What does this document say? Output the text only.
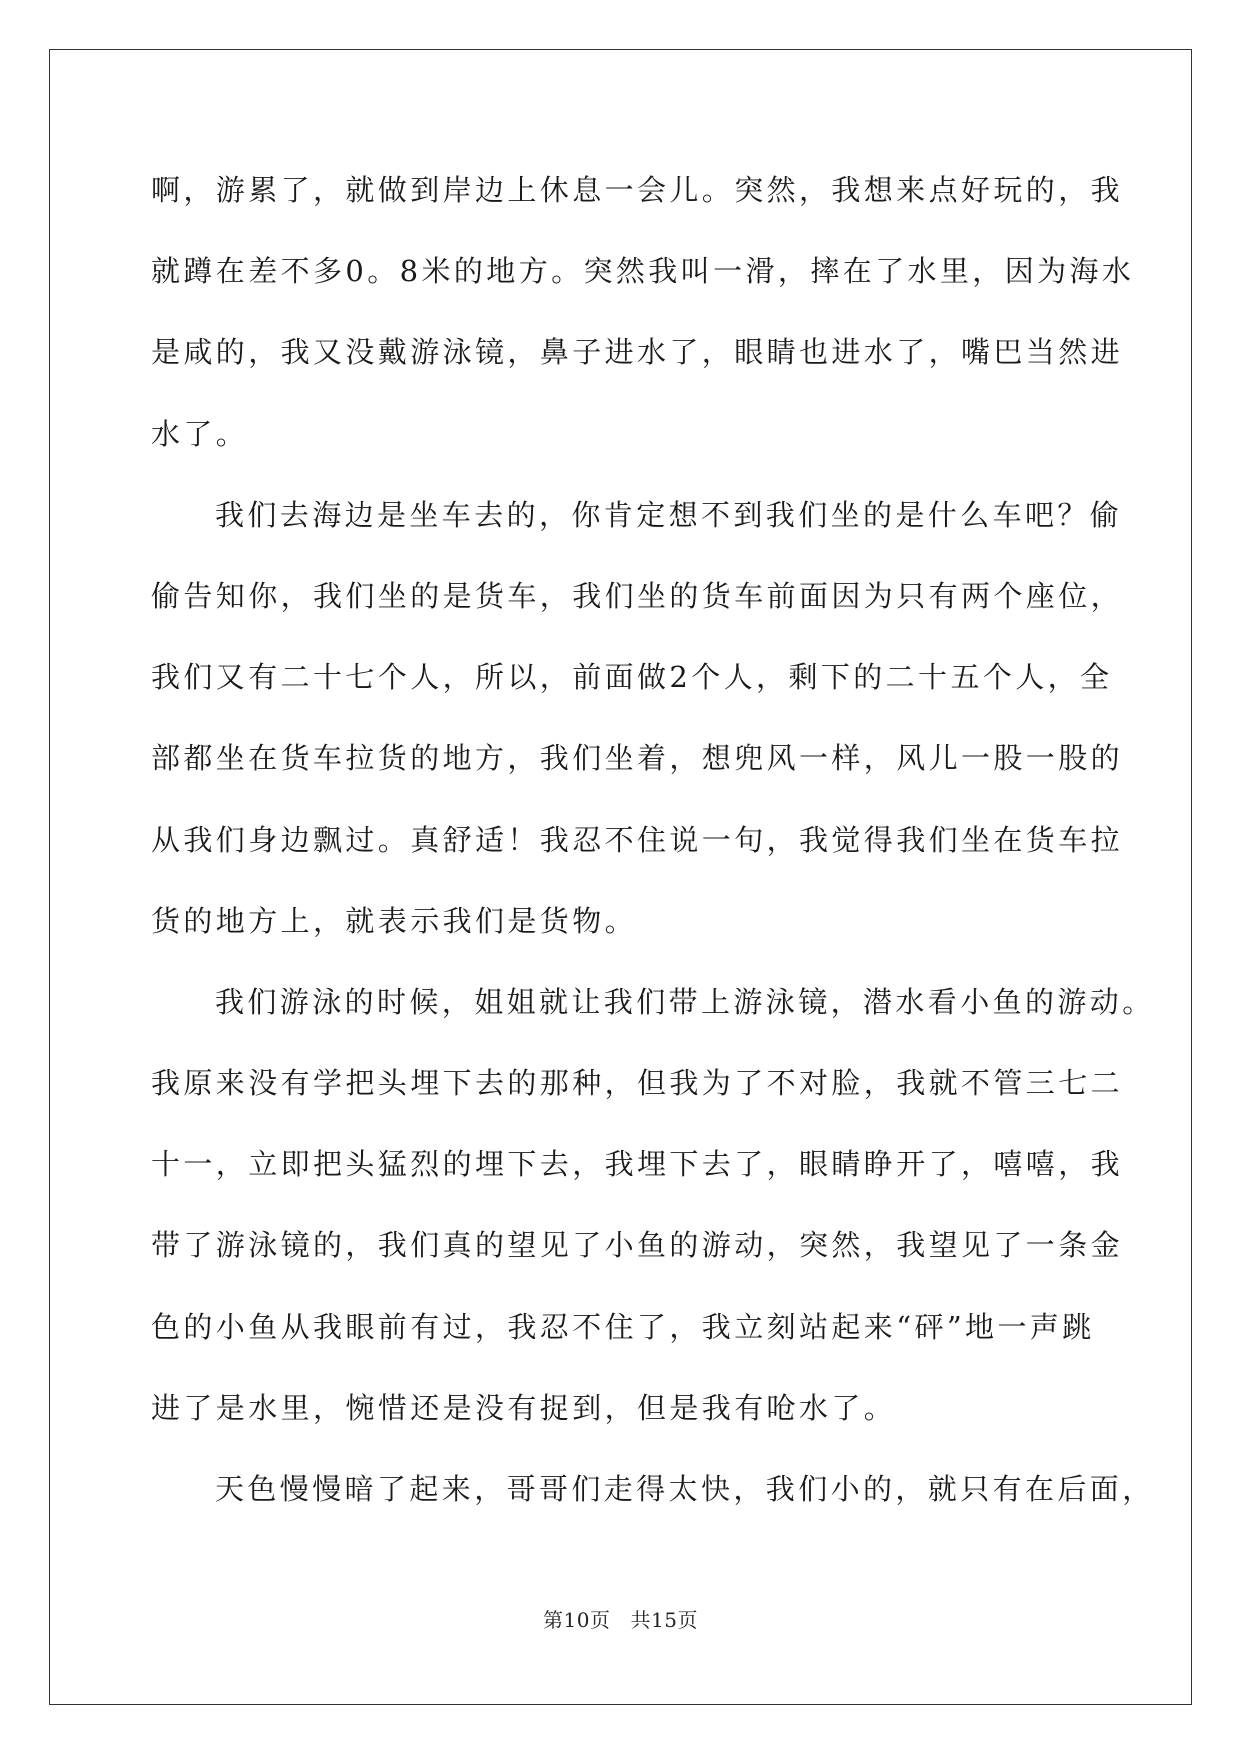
啊，游累了，就做到岸边上休息一会儿。突然，我想来点好玩的，我
就蹲在差不多0。8米的地方。突然我叫一滑，摔在了水里，因为海水
是咸的，我又没戴游泳镜，鼻子进水了，眼睛也进水了，嘴巴当然进
水了。
我们去海边是坐车去的，你肯定想不到我们坐的是什么车吧？偷
偷告知你，我们坐的是货车，我们坐的货车前面因为只有两个座位，
我们又有二十七个人，所以，前面做2个人，剩下的二十五个人，全
部都坐在货车拉货的地方，我们坐着，想兜风一样，风儿一股一股的
从我们身边飘过。真舒适！我忍不住说一句，我觉得我们坐在货车拉
货的地方上，就表示我们是货物。
我们游泳的时候，姐姐就让我们带上游泳镜，潜水看小鱼的游动。
我原来没有学把头埋下去的那种，但我为了不对脸，我就不管三七二
十一，立即把头猛烈的埋下去，我埋下去了，眼睛睁开了，嘻嘻，我
带了游泳镜的，我们真的望见了小鱼的游动，突然，我望见了一条金
色的小鱼从我眼前有过，我忍不住了，我立刻站起来“砰”地一声跳
进了是水里，惋惜还是没有捉到，但是我有呛水了。
天色慢慢暗了起来，哥哥们走得太快，我们小的，就只有在后面，
第10页 共15页
